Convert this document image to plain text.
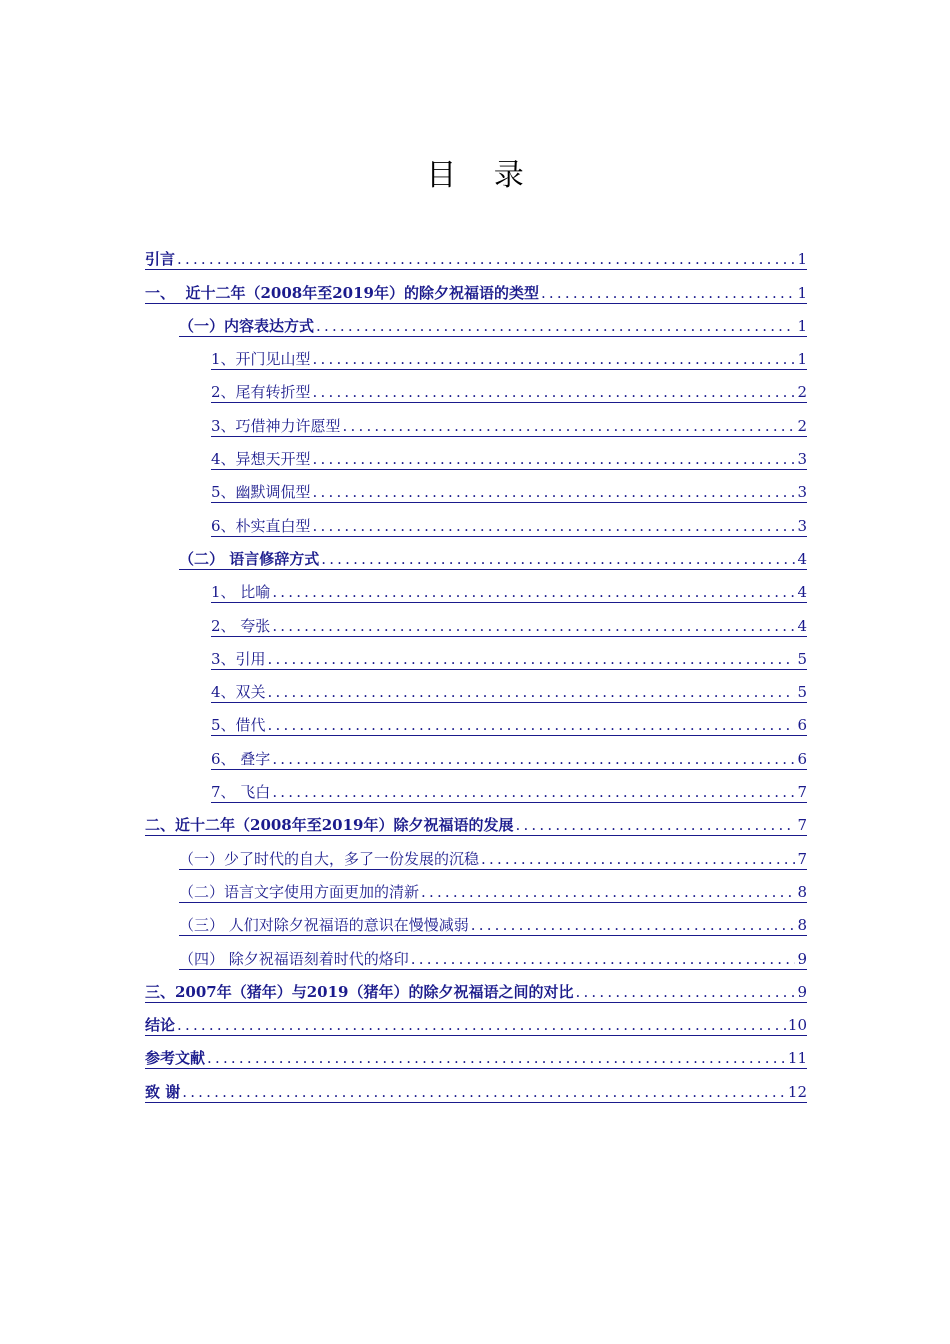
目 录
引言 .....	1
一、  近十二年（2008年至2019年）的除夕祝福语的类型 .....	1
（一）内容表达方式 .....	1
1、开门见山型 .....	1
2、尾有转折型 .....	2
3、巧借神力许愿型 .....	2
4、异想天开型 .....	3
5、幽默调侃型 .....	3
6、朴实直白型 .....	3
（二） 语言修辞方式 .....	4
1、 比喻 .....	4
2、 夸张 .....	4
3、引用 .....	5
4、双关 .....	5
5、借代 .....	6
6、 叠字 .....	6
7、 飞白 .....	7
二、近十二年（2008年至2019年）除夕祝福语的发展 .....	7
（一）少了时代的自大，多了一份发展的沉稳 .....	7
（二）语言文字使用方面更加的清新 .....	8
（三） 人们对除夕祝福语的意识在慢慢减弱 .....	8
（四） 除夕祝福语刻着时代的烙印 .....	9
三、2007年（猪年）与2019（猪年）的除夕祝福语之间的对比 .....	9
结论 .....	10
参考文献 .....	11
致 谢 .....	12
